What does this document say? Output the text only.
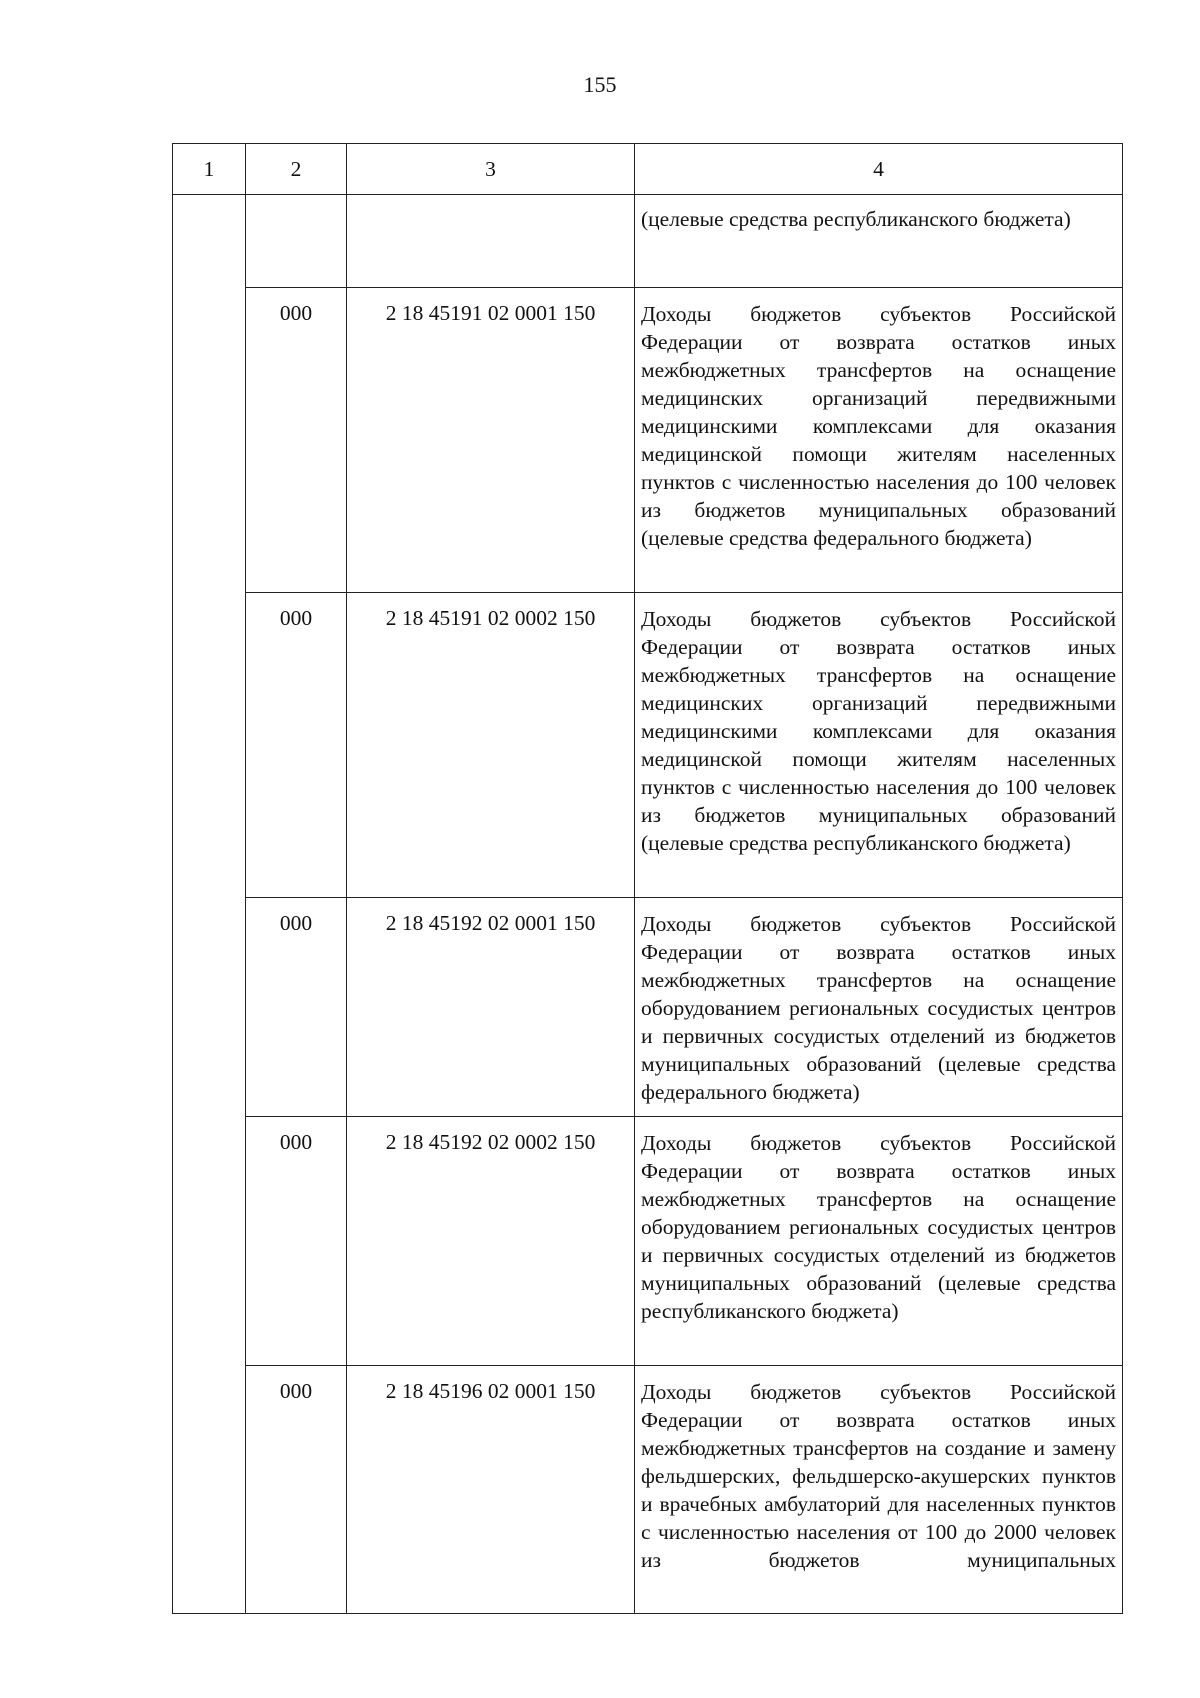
155
1	2	3	4
			(целевые средства республиканского бюджета)
	000	2 18 45191 02 0001 150	Доходы бюджетов субъектов Российской Федерации от возврата остатков иных межбюджетных трансфертов на оснащение медицинских организаций передвижными медицинскими комплексами для оказания медицинской помощи жителям населенных пунктов с численностью населения до 100 человек из бюджетов муниципальных образований (целевые средства федерального бюджета)
	000	2 18 45191 02 0002 150	Доходы бюджетов субъектов Российской Федерации от возврата остатков иных межбюджетных трансфертов на оснащение медицинских организаций передвижными медицинскими комплексами для оказания медицинской помощи жителям населенных пунктов с численностью населения до 100 человек из бюджетов муниципальных образований (целевые средства республиканского бюджета)
	000	2 18 45192 02 0001 150	Доходы бюджетов субъектов Российской Федерации от возврата остатков иных межбюджетных трансфертов на оснащение оборудованием региональных сосудистых центров и первичных сосудистых отделений из бюджетов муниципальных образований (целевые средства федерального бюджета)
	000	2 18 45192 02 0002 150	Доходы бюджетов субъектов Российской Федерации от возврата остатков иных межбюджетных трансфертов на оснащение оборудованием региональных сосудистых центров и первичных сосудистых отделений из бюджетов муниципальных образований (целевые средства республиканского бюджета)
	000	2 18 45196 02 0001 150	Доходы бюджетов субъектов Российской Федерации от возврата остатков иных межбюджетных трансфертов на создание и замену фельдшерских, фельдшерско-акушерских пунктов и врачебных амбулаторий для населенных пунктов с численностью населения от 100 до 2000 человек из бюджетов муниципальных
